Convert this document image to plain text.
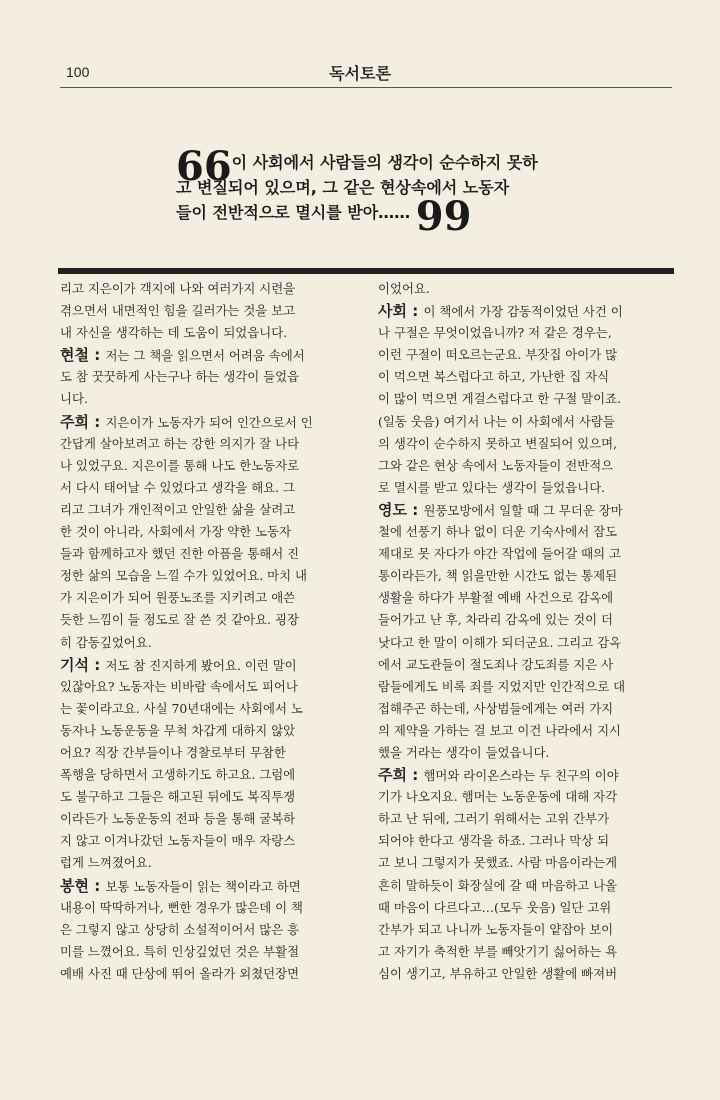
100	독서토론
66이 사회에서 사람들의 생각이 순수하지 못하
고 변질되어 있으며, 그 같은 현상속에서 노동자
들이 전반적으로 멸시를 받아…… 99
리고 지은이가 객지에 나와 여러가지 시련을
겪으면서 내면적인 힘을 길러가는 것을 보고
내 자신을 생각하는 데 도움이 되었읍니다.
현철 : 저는 그 책을 읽으면서 어려움 속에서
도 참 꿋꿋하게 사는구나 하는 생각이 들었읍
니다.
주희 : 지은이가 노동자가 되어 인간으로서 인
간답게 살아보려고 하는 강한 의지가 잘 나타
나 있었구요. 지은이를 통해 나도 한노동자로
서 다시 태어날 수 있었다고 생각을 해요. 그
리고 그녀가 개인적이고 안일한 삶을 살려고
한 것이 아니라, 사회에서 가장 약한 노동자
들과 함께하고자 했던 진한 아픔을 통해서 진
정한 삶의 모습을 느낄 수가 있었어요. 마치 내
가 지은이가 되어 원풍노조를 지키려고 애쓴
듯한 느낌이 들 정도로 잘 쓴 것 같아요. 굉장
히 감동깊었어요.
기석 : 저도 참 진지하게 봤어요. 이런 말이
있잖아요? 노동자는 비바람 속에서도 피어나
는 꽃이라고요. 사실 70년대에는 사회에서 노
동자나 노동운동을 무척 차갑게 대하지 않았
어요? 직장 간부들이나 경찰로부터 무참한
폭행을 당하면서 고생하기도 하고요. 그럼에
도 불구하고 그들은 해고된 뒤에도 복직투쟁
이라든가 노동운동의 전파 등을 통해 굴복하
지 않고 이겨나갔던 노동자들이 매우 자랑스
럽게 느껴졌어요.
봉현 : 보통 노동자들이 읽는 책이라고 하면
내용이 딱딱하거나, 뻔한 경우가 많은데 이 책
은 그렇지 않고 상당히 소설적이어서 많은 흥
미를 느꼈어요. 특히 인상깊었던 것은 부활절
예배 사진 때 단상에 뛰어 올라가 외쳤던장면
이었어요.
사회 : 이 책에서 가장 감동적이었던 사건 이
나 구절은 무엇이었읍니까? 저 같은 경우는,
이런 구절이 떠오르는군요. 부잣집 아이가 많
이 먹으면 복스럽다고 하고, 가난한 집 자식
이 많이 먹으면 게걸스럽다고 한 구절 말이죠.
(일동 웃음) 여기서 나는 이 사회에서 사람들
의 생각이 순수하지 못하고 변질되어 있으며,
그와 같은 현상 속에서 노동자들이 전반적으
로 멸시를 받고 있다는 생각이 들었읍니다.
영도 : 원풍모방에서 일할 때 그 무더운 장마
철에 선풍기 하나 없이 더운 기숙사에서 잠도
제대로 못 자다가 야간 작업에 들어갈 때의 고
통이라든가, 책 읽을만한 시간도 없는 통제된
생활을 하다가 부활절 예배 사건으로 감옥에
들어가고 난 후, 차라리 감옥에 있는 것이 더
낫다고 한 말이 이해가 되더군요. 그리고 감옥
에서 교도관들이 절도죄나 강도죄를 지은 사
람들에게도 비록 죄를 지었지만 인간적으로 대
접해주곤 하는데, 사상범들에게는 여러 가지
의 제약을 가하는 걸 보고 이건 나라에서 지시
했을 거라는 생각이 들었읍니다.
주희 : 햄머와 라이온스라는 두 친구의 이야
기가 나오지요. 햄머는 노동운동에 대해 자각
하고 난 뒤에, 그러기 위해서는 고위 간부가
되어야 한다고 생각을 하죠. 그러나 막상 되
고 보니 그렇지가 못했죠. 사람 마음이라는게
흔히 말하듯이 화장실에 갈 때 마음하고 나올
때 마음이 다르다고…(모두 웃음) 일단 고위
간부가 되고 나니까 노동자들이 얕잡아 보이
고 자기가 축적한 부를 빼앗기기 싫어하는 욕
심이 생기고, 부유하고 안일한 생활에 빠져버
